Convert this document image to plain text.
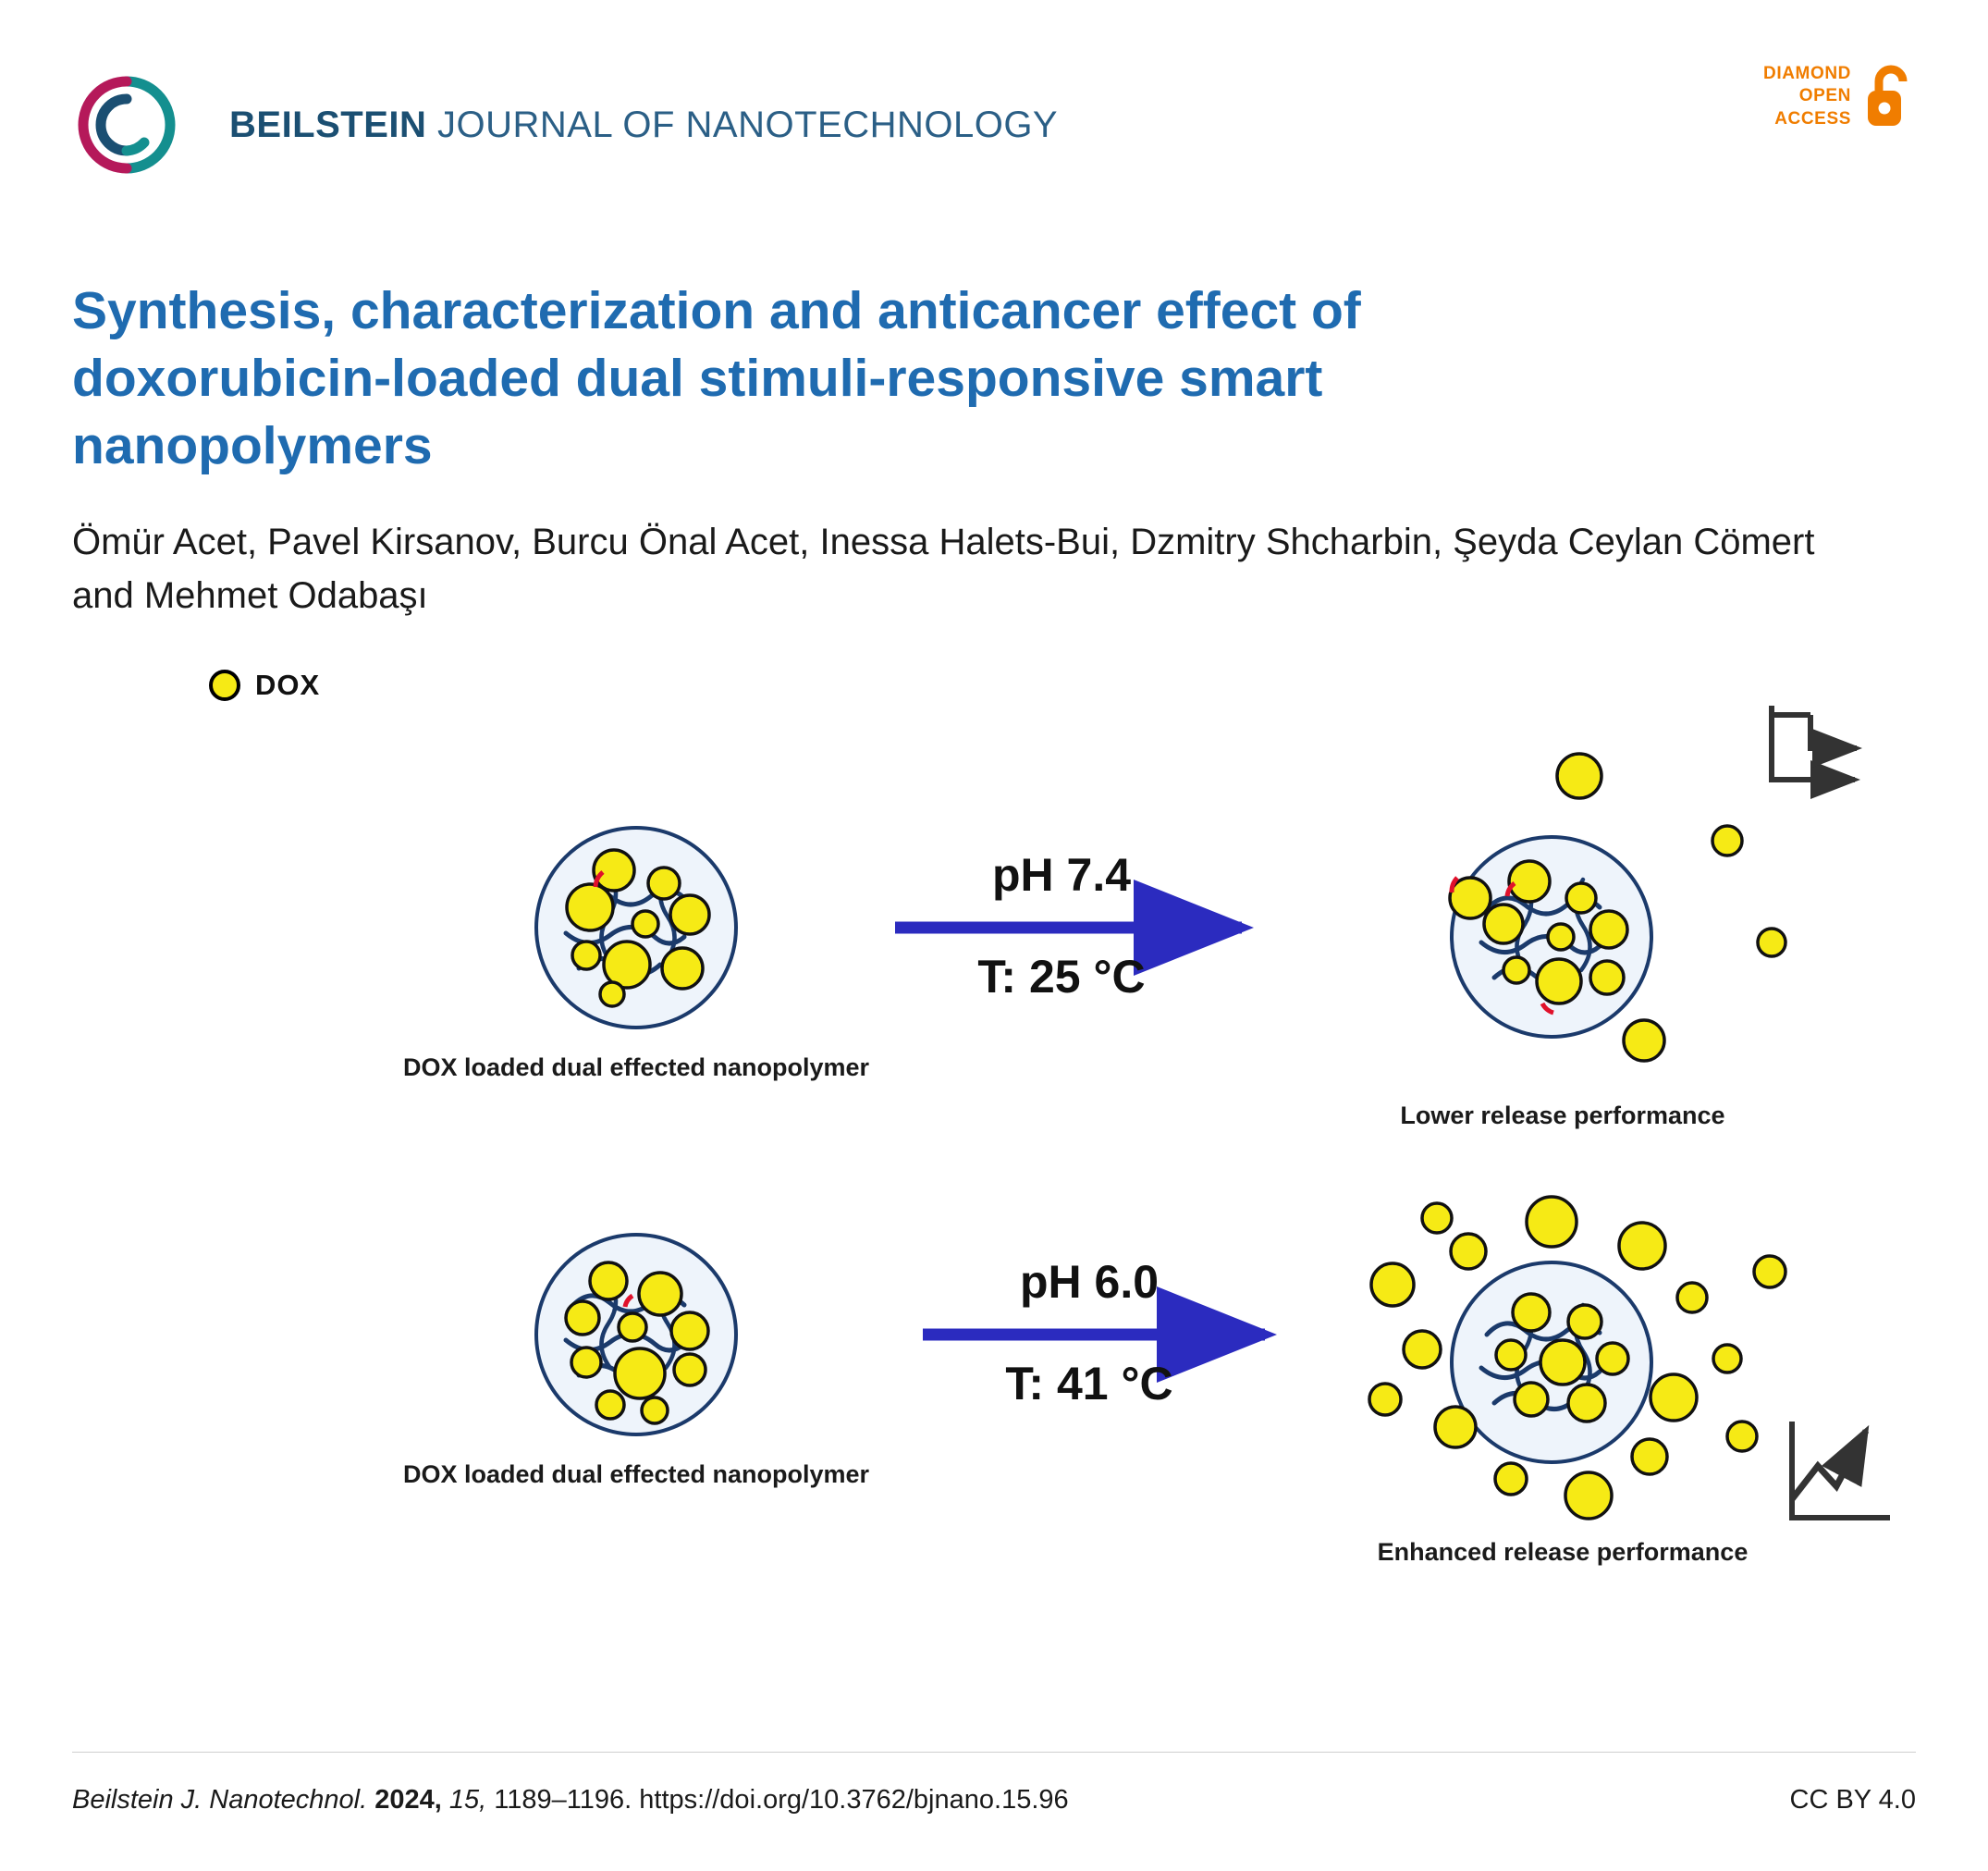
BEILSTEIN JOURNAL OF NANOTECHNOLOGY
DIAMOND
OPEN
ACCESS
Synthesis, characterization and anticancer effect of doxorubicin-loaded dual stimuli-responsive smart nanopolymers
Ömür Acet, Pavel Kirsanov, Burcu Önal Acet, Inessa Halets-Bui, Dzmitry Shcharbin, Şeyda Ceylan Cömert and Mehmet Odabaşı
DOX
DOX loaded dual effected nanopolymer
pH 7.4
T: 25 °C
Lower release performance
DOX loaded dual effected nanopolymer
pH 6.0
T: 41 °C
Enhanced release performance
Beilstein J. Nanotechnol. 2024, 15, 1189–1196. https://doi.org/10.3762/bjnano.15.96	CC BY 4.0
